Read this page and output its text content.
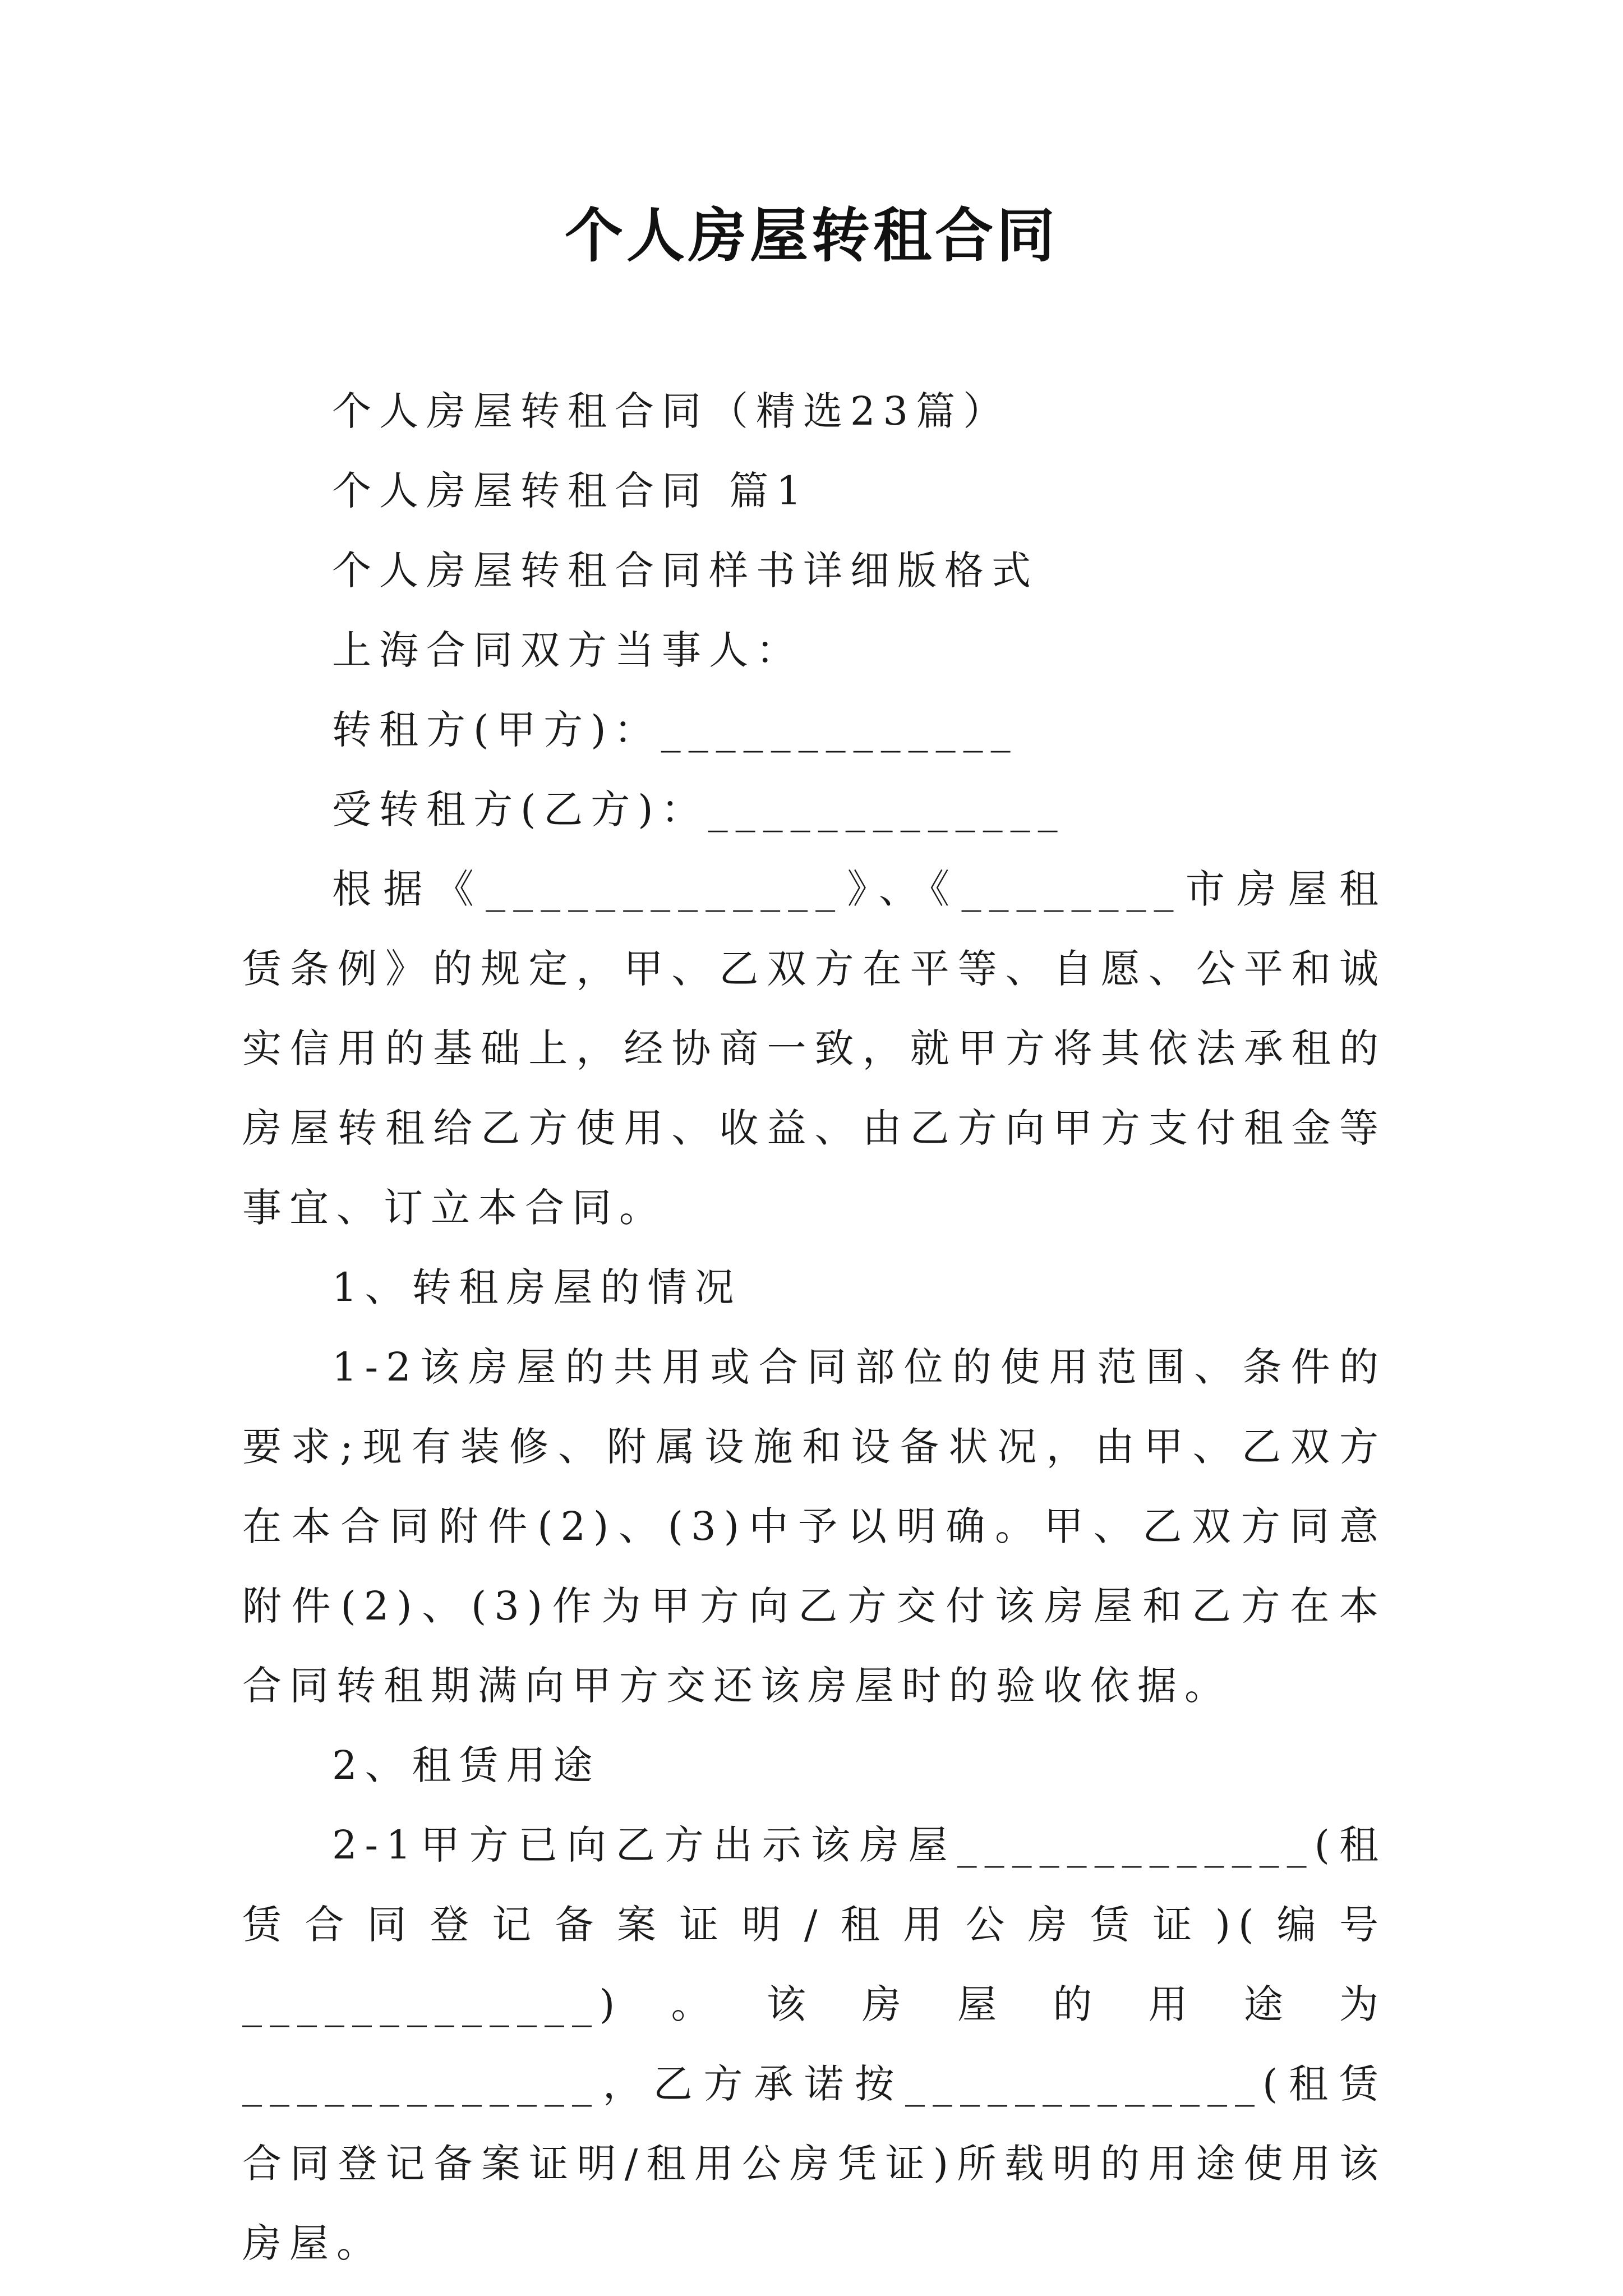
个人房屋转租合同

个人房屋转租合同（精选23篇）

个人房屋转租合同 篇1

个人房屋转租合同样书详细版格式

上海合同双方当事人：

转租方(甲方)：_____________

受转租方(乙方)：_____________

根据《_____________》、《________市房屋租赁条例》的规定，甲、乙双方在平等、自愿、公平和诚实信用的基础上，经协商一致，就甲方将其依法承租的房屋转租给乙方使用、收益、由乙方向甲方支付租金等事宜、订立本合同。

1、转租房屋的情况

1-2该房屋的共用或合同部位的使用范围、条件的要求;现有装修、附属设施和设备状况，由甲、乙双方在本合同附件(2)、(3)中予以明确。甲、乙双方同意附件(2)、(3)作为甲方向乙方交付该房屋和乙方在本合同转租期满向甲方交还该房屋时的验收依据。

2、租赁用途

2-1甲方已向乙方出示该房屋_____________(租赁合同登记备案证明/租用公房赁证)(编号_____________)。该房屋的用途为_____________，乙方承诺按_____________(租赁合同登记备案证明/租用公房凭证)所载明的用途使用该房屋。
